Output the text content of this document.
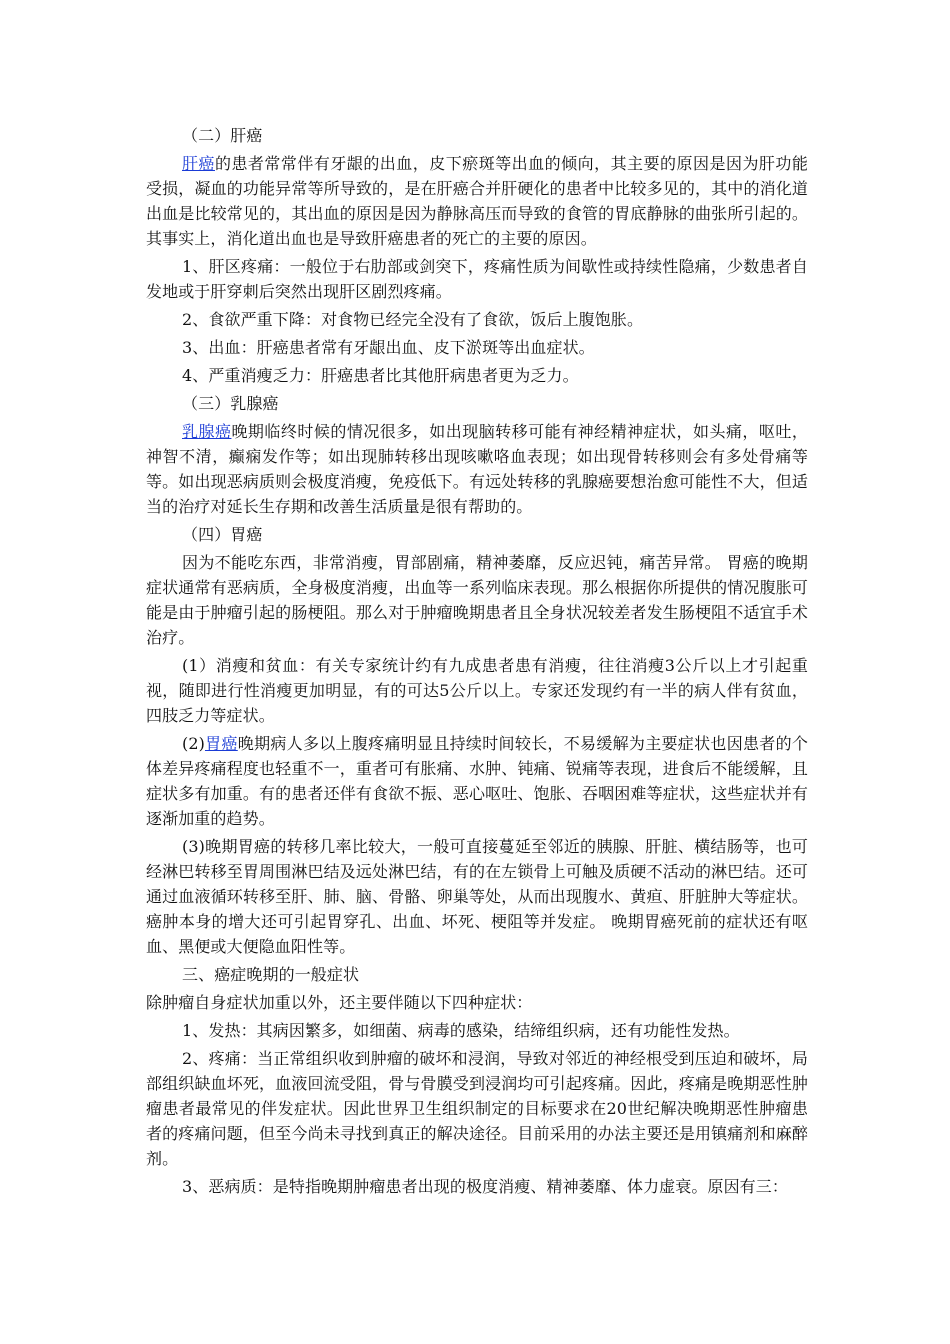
（二）肝癌

肝癌的患者常常伴有牙龈的出血，皮下瘀斑等出血的倾向，其主要的原因是因为肝功能受损，凝血的功能异常等所导致的，是在肝癌合并肝硬化的患者中比较多见的，其中的消化道出血是比较常见的，其出血的原因是因为静脉高压而导致的食管的胃底静脉的曲张所引起的。其事实上，消化道出血也是导致肝癌患者的死亡的主要的原因。

1、肝区疼痛：一般位于右肋部或剑突下，疼痛性质为间歇性或持续性隐痛，少数患者自发地或于肝穿刺后突然出现肝区剧烈疼痛。

2、食欲严重下降：对食物已经完全没有了食欲，饭后上腹饱胀。

3、出血：肝癌患者常有牙龈出血、皮下淤斑等出血症状。

4、严重消瘦乏力：肝癌患者比其他肝病患者更为乏力。

（三）乳腺癌

乳腺癌晚期临终时候的情况很多，如出现脑转移可能有神经精神症状，如头痛，呕吐，神智不清，癫痫发作等；如出现肺转移出现咳嗽咯血表现；如出现骨转移则会有多处骨痛等等。如出现恶病质则会极度消瘦，免疫低下。有远处转移的乳腺癌要想治愈可能性不大，但适当的治疗对延长生存期和改善生活质量是很有帮助的。

（四）胃癌

因为不能吃东西，非常消瘦，胃部剧痛，精神萎靡，反应迟钝，痛苦异常。 胃癌的晚期症状通常有恶病质，全身极度消瘦，出血等一系列临床表现。那么根据你所提供的情况腹胀可能是由于肿瘤引起的肠梗阻。那么对于肿瘤晚期患者且全身状况较差者发生肠梗阻不适宜手术治疗。

(1）消瘦和贫血：有关专家统计约有九成患者患有消瘦，往往消瘦3公斤以上才引起重视，随即进行性消瘦更加明显，有的可达5公斤以上。专家还发现约有一半的病人伴有贫血，四肢乏力等症状。

(2)胃癌晚期病人多以上腹疼痛明显且持续时间较长，不易缓解为主要症状也因患者的个体差异疼痛程度也轻重不一，重者可有胀痛、水肿、钝痛、锐痛等表现，进食后不能缓解，且症状多有加重。有的患者还伴有食欲不振、恶心呕吐、饱胀、吞咽困难等症状，这些症状并有逐渐加重的趋势。

(3)晚期胃癌的转移几率比较大，一般可直接蔓延至邻近的胰腺、肝脏、横结肠等，也可经淋巴转移至胃周围淋巴结及远处淋巴结，有的在左锁骨上可触及质硬不活动的淋巴结。还可通过血液循环转移至肝、肺、脑、骨骼、卵巢等处，从而出现腹水、黄疸、肝脏肿大等症状。癌肿本身的增大还可引起胃穿孔、出血、坏死、梗阻等并发症。 晚期胃癌死前的症状还有呕血、黑便或大便隐血阳性等。

三、癌症晚期的一般症状

除肿瘤自身症状加重以外，还主要伴随以下四种症状：

1、发热：其病因繁多，如细菌、病毒的感染，结缔组织病，还有功能性发热。

2、疼痛：当正常组织收到肿瘤的破坏和浸润，导致对邻近的神经根受到压迫和破坏，局部组织缺血坏死，血液回流受阻，骨与骨膜受到浸润均可引起疼痛。因此，疼痛是晚期恶性肿瘤患者最常见的伴发症状。因此世界卫生组织制定的目标要求在20世纪解决晚期恶性肿瘤患者的疼痛问题，但至今尚未寻找到真正的解决途径。目前采用的办法主要还是用镇痛剂和麻醉剂。

3、恶病质：是特指晚期肿瘤患者出现的极度消瘦、精神萎靡、体力虚衰。原因有三：
